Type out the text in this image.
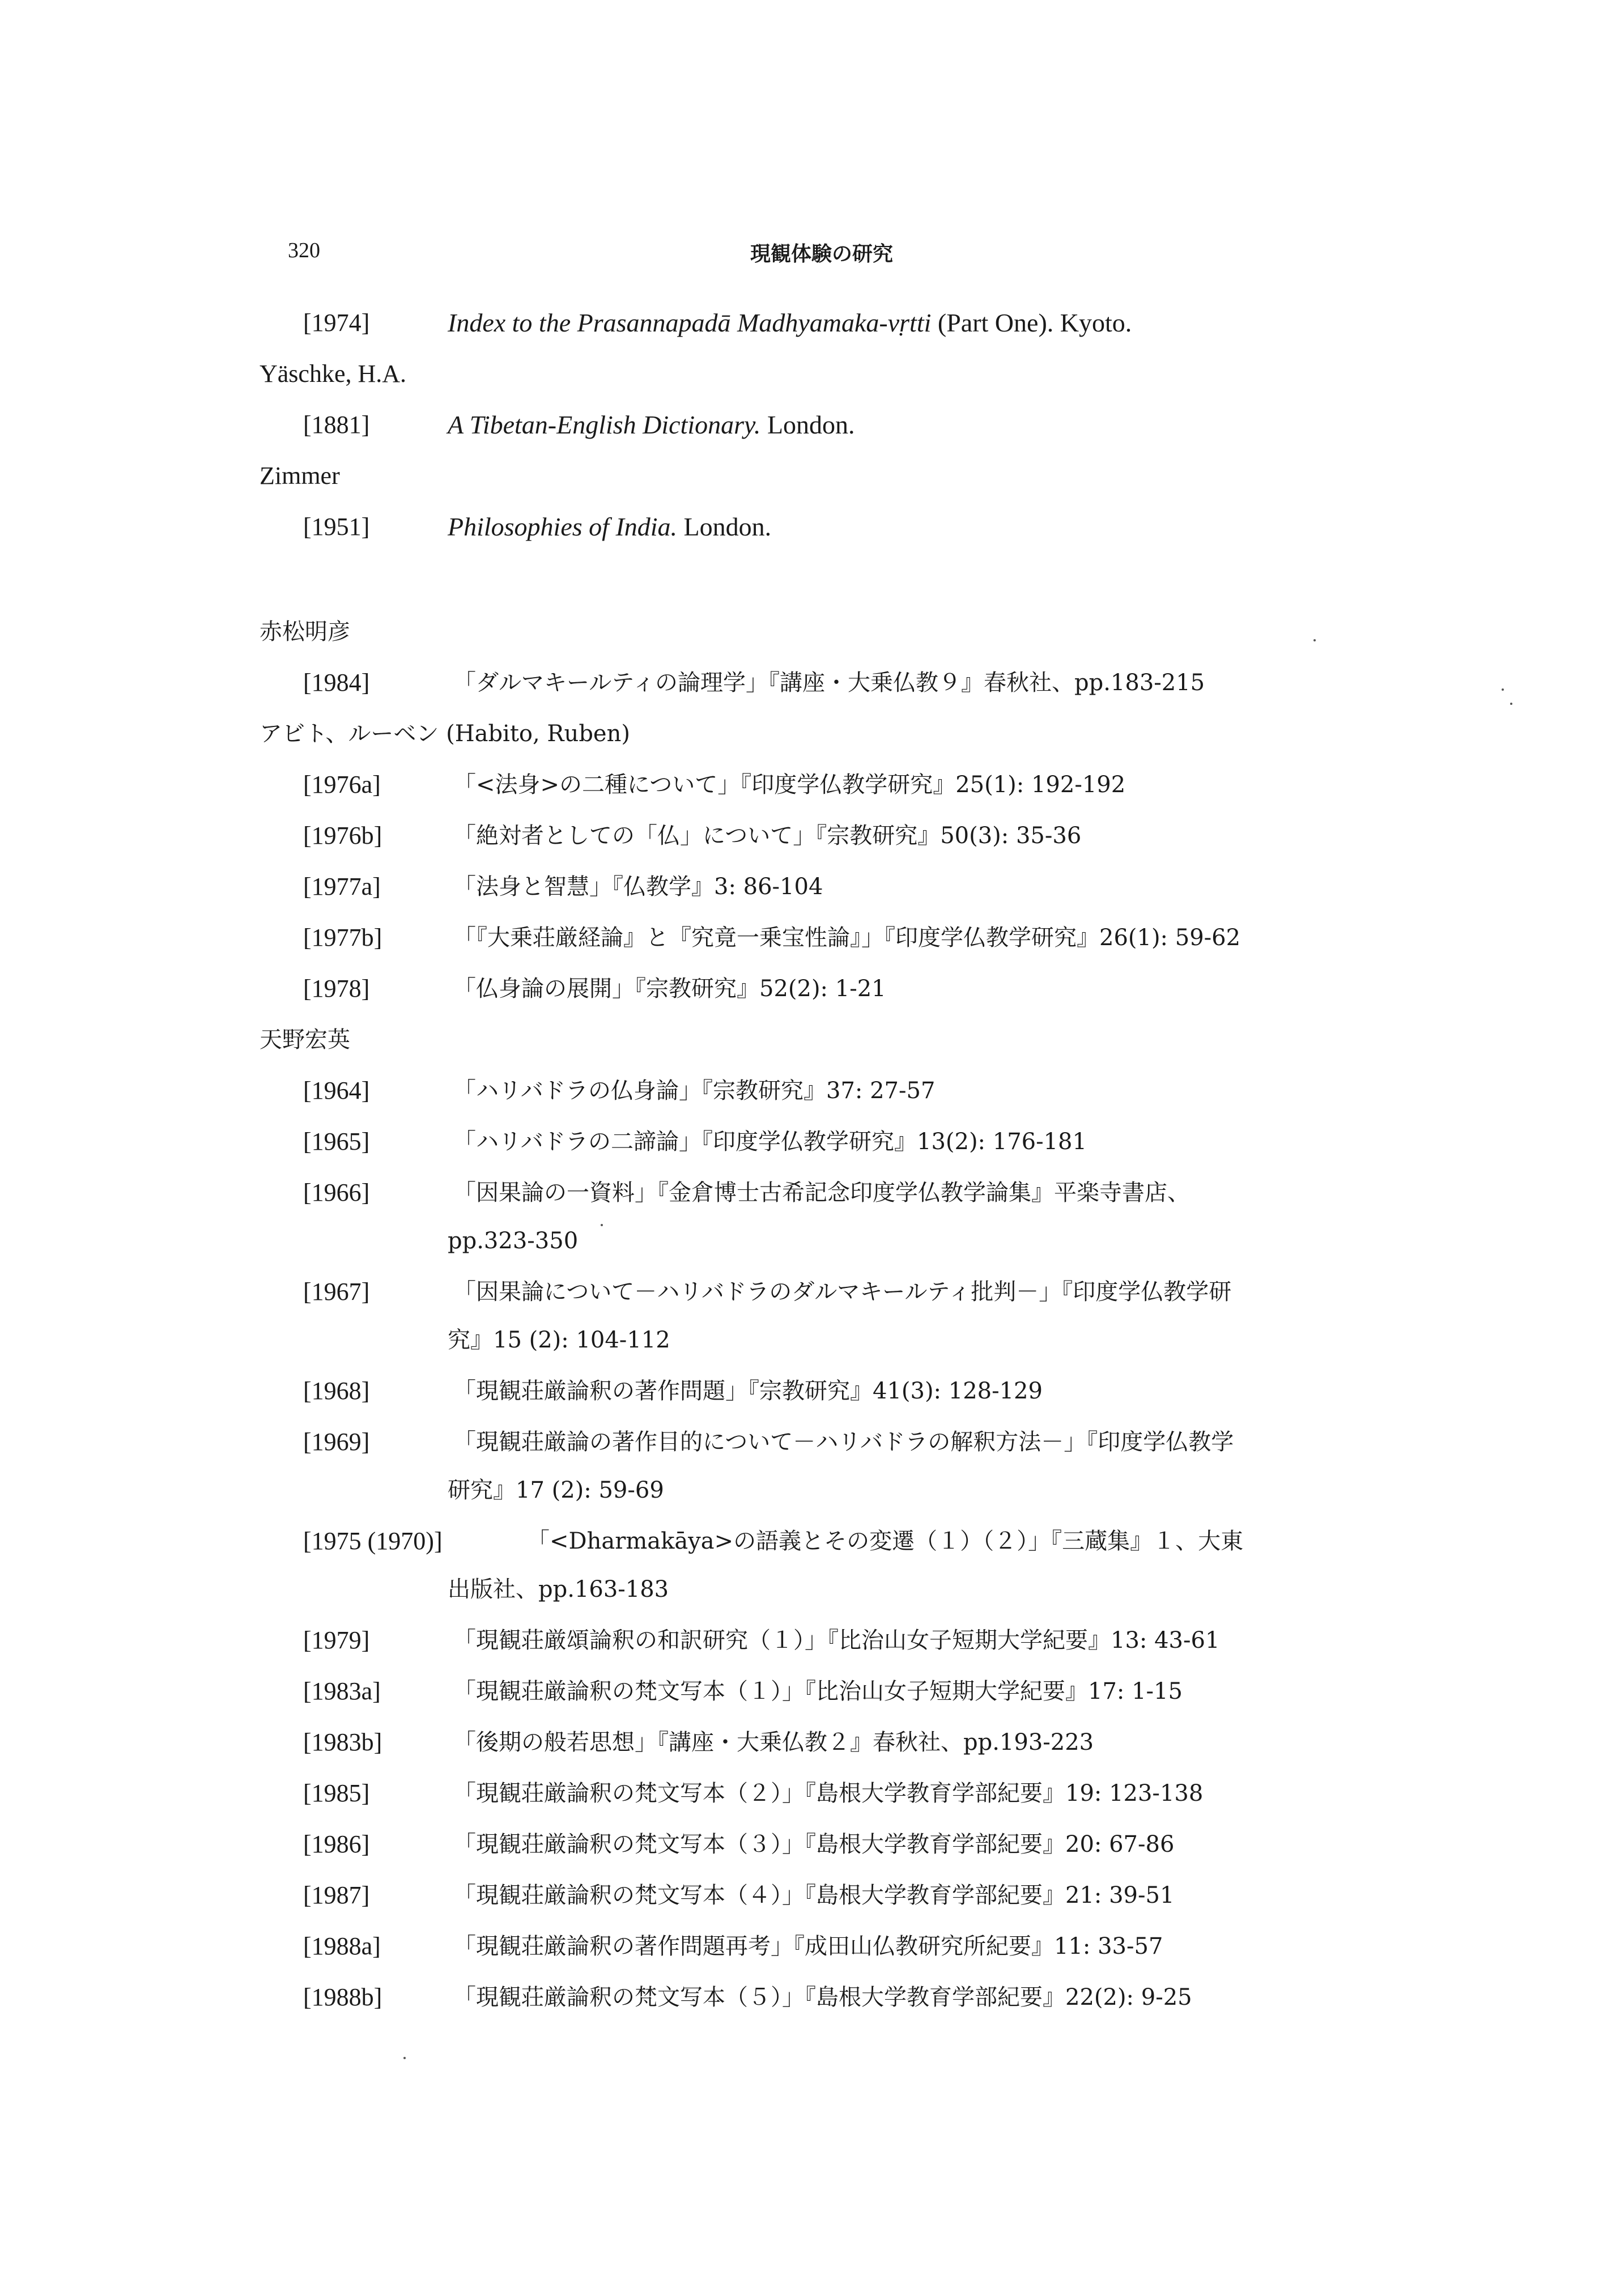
320	現観体験の研究
[1974]	Index to the Prasannapadā Madhyamaka-vṛtti (Part One). Kyoto.
Yäschke, H.A.
[1881]	A Tibetan-English Dictionary. London.
Zimmer
[1951]	Philosophies of India. London.
赤松明彦
[1984]	「ダルマキールティの論理学」『講座・大乗仏教９』春秋社、pp.183-215
アビト、ルーベン (Habito, Ruben)
[1976a]	「<法身>の二種について」『印度学仏教学研究』25(1): 192-192
[1976b]	「絶対者としての「仏」について」『宗教研究』50(3): 35-36
[1977a]	「法身と智慧」『仏教学』3: 86-104
[1977b]	「『大乗荘厳経論』と『究竟一乗宝性論』」『印度学仏教学研究』26(1): 59-62
[1978]	「仏身論の展開」『宗教研究』52(2): 1-21
天野宏英
[1964]	「ハリバドラの仏身論」『宗教研究』37: 27-57
[1965]	「ハリバドラの二諦論」『印度学仏教学研究』13(2): 176-181
[1966]	「因果論の一資料」『金倉博士古希記念印度学仏教学論集』平楽寺書店、
pp.323-350
[1967]	「因果論について－ハリバドラのダルマキールティ批判－」『印度学仏教学研
究』15 (2): 104-112
[1968]	「現観荘厳論釈の著作問題」『宗教研究』41(3): 128-129
[1969]	「現観荘厳論の著作目的について－ハリバドラの解釈方法－」『印度学仏教学
研究』17 (2): 59-69
[1975 (1970)]	「<Dharmakāya>の語義とその変遷（１）（２）」『三蔵集』１、大東
出版社、pp.163-183
[1979]	「現観荘厳頌論釈の和訳研究（１）」『比治山女子短期大学紀要』13: 43-61
[1983a]	「現観荘厳論釈の梵文写本（１）」『比治山女子短期大学紀要』17: 1-15
[1983b]	「後期の般若思想」『講座・大乗仏教２』春秋社、pp.193-223
[1985]	「現観荘厳論釈の梵文写本（２）」『島根大学教育学部紀要』19: 123-138
[1986]	「現観荘厳論釈の梵文写本（３）」『島根大学教育学部紀要』20: 67-86
[1987]	「現観荘厳論釈の梵文写本（４）」『島根大学教育学部紀要』21: 39-51
[1988a]	「現観荘厳論釈の著作問題再考」『成田山仏教研究所紀要』11: 33-57
[1988b]	「現観荘厳論釈の梵文写本（５）」『島根大学教育学部紀要』22(2): 9-25
